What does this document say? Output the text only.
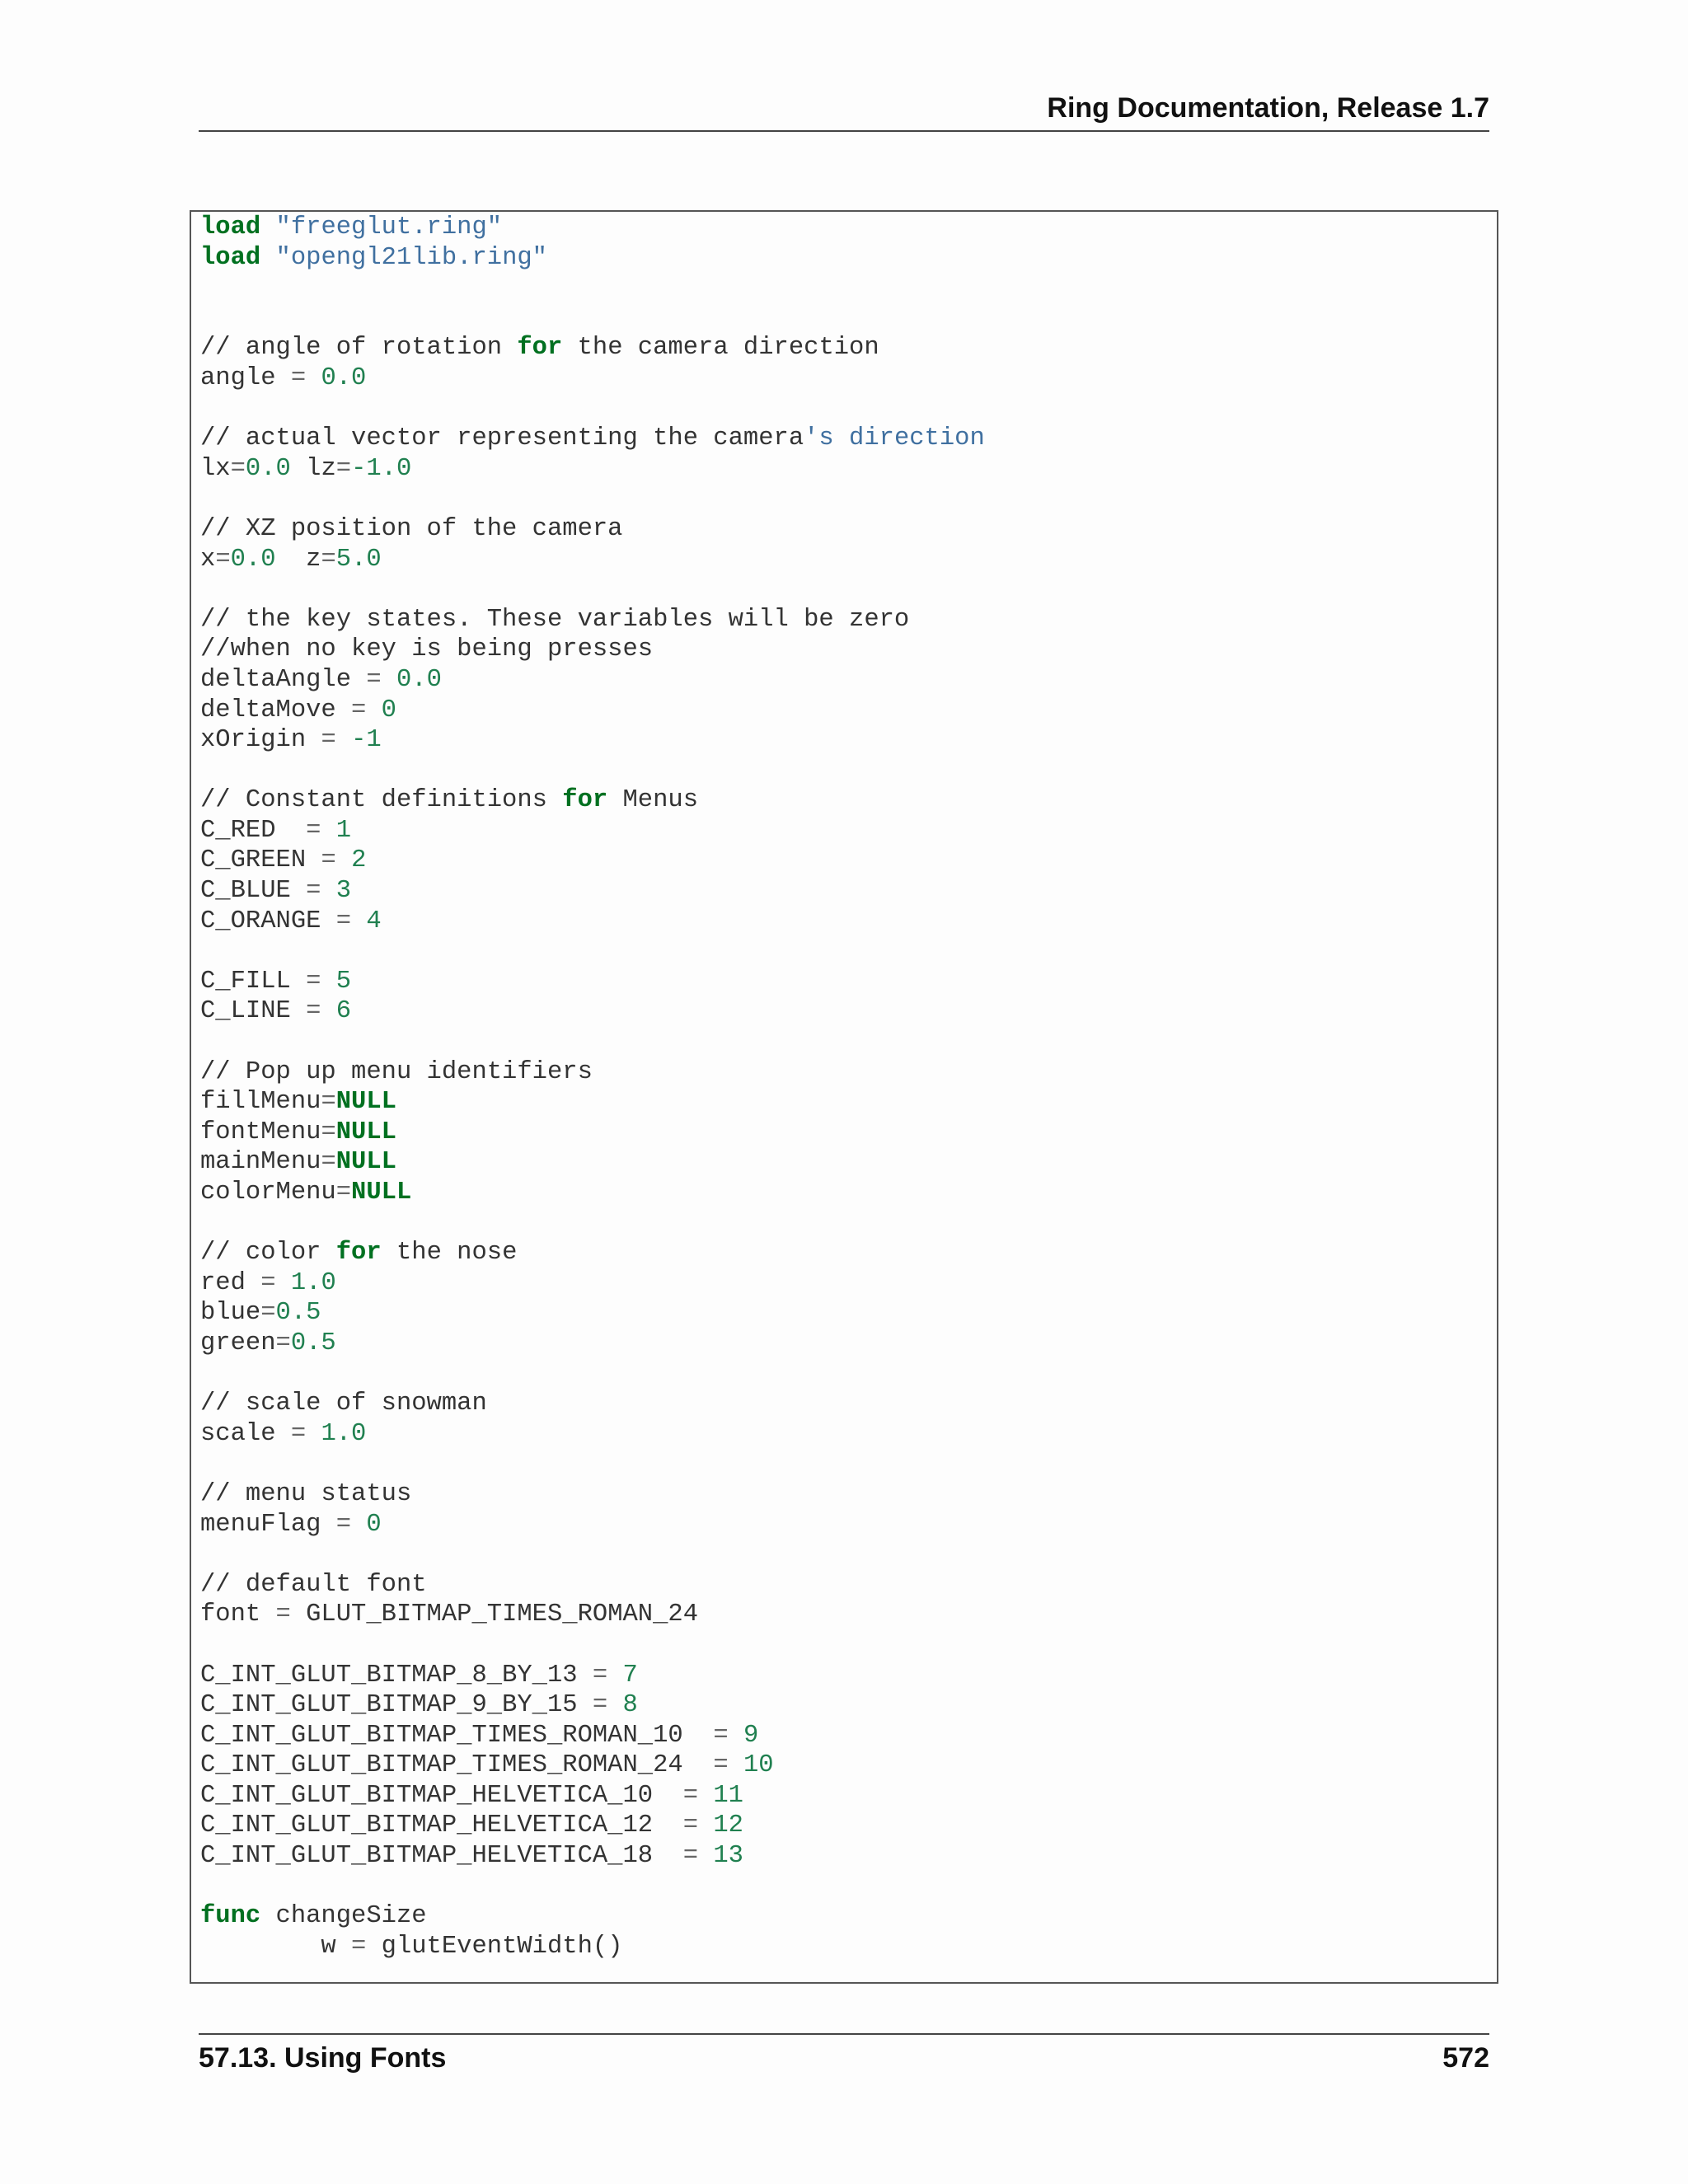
Ring Documentation, Release 1.7
load "freeglut.ring"
load "opengl21lib.ring"
// angle of rotation for the camera direction
angle = 0.0
// actual vector representing the camera's direction
lx=0.0 lz=-1.0
// XZ position of the camera
x=0.0  z=5.0
// the key states. These variables will be zero
//when no key is being presses
deltaAngle = 0.0
deltaMove = 0
xOrigin = -1
// Constant definitions for Menus
C_RED  = 1
C_GREEN = 2
C_BLUE = 3
C_ORANGE = 4
C_FILL = 5
C_LINE = 6
// Pop up menu identifiers
fillMenu=NULL
fontMenu=NULL
mainMenu=NULL
colorMenu=NULL
// color for the nose
red = 1.0
blue=0.5
green=0.5
// scale of snowman
scale = 1.0
// menu status
menuFlag = 0
// default font
font = GLUT_BITMAP_TIMES_ROMAN_24
C_INT_GLUT_BITMAP_8_BY_13 = 7
C_INT_GLUT_BITMAP_9_BY_15 = 8
C_INT_GLUT_BITMAP_TIMES_ROMAN_10  = 9
C_INT_GLUT_BITMAP_TIMES_ROMAN_24  = 10
C_INT_GLUT_BITMAP_HELVETICA_10  = 11
C_INT_GLUT_BITMAP_HELVETICA_12  = 12
C_INT_GLUT_BITMAP_HELVETICA_18  = 13
func changeSize
w = glutEventWidth()
57.13. Using Fonts	572
